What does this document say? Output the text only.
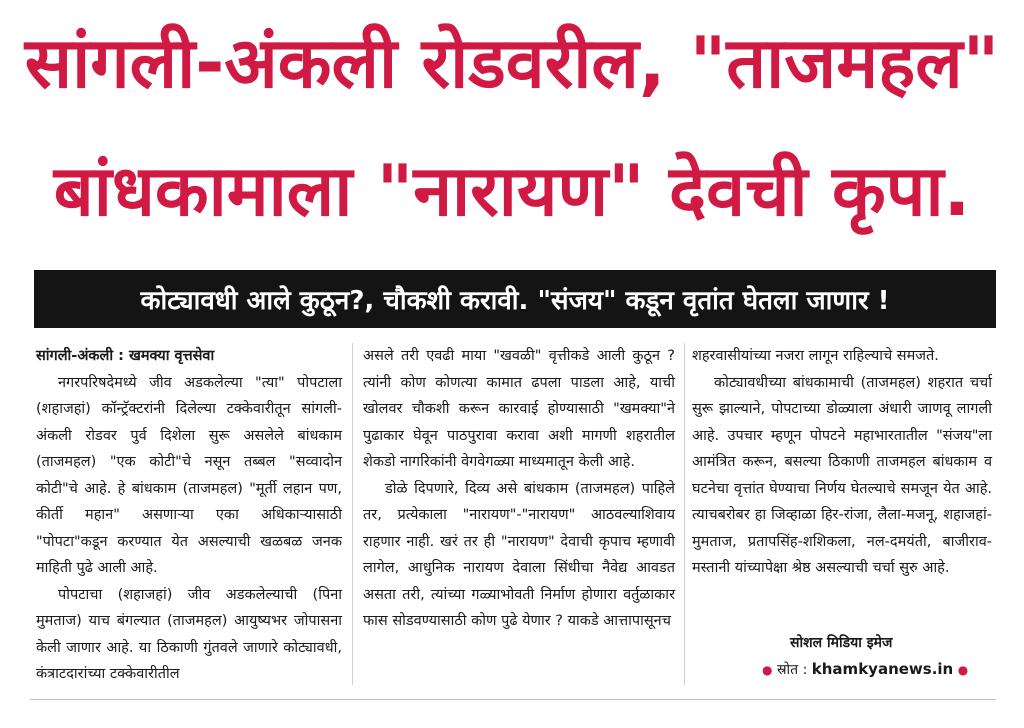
सांगली-अंकली रोडवरील, "ताजमहल"
बांधकामाला "नारायण" देवची कृपा.
कोट्यावधी आले कुठून?, चौकशी करावी. "संजय" कडून वृतांत घेतला जाणार !

सांगली-अंकली : खमक्या वृत्तसेवा

नगरपरिषदेमध्ये जीव अडकलेल्या "त्या" पोपटाला (शहाजहां) कॉन्ट्रॅक्टरांनी दिलेल्या टक्केवारीतून सांगली-अंकली रोडवर पुर्व दिशेला सुरू असलेले बांधकाम (ताजमहल) "एक कोटी"चे नसून तब्बल "सव्वादोन कोटी"चे आहे. हे बांधकाम (ताजमहल) "मूर्ती लहान पण, कीर्ती महान" असणाऱ्या एका अधिकाऱ्यासाठी "पोपटा"कडून करण्यात येत असल्याची खळबळ जनक माहिती पुढे आली आहे.

पोपटाचा (शहाजहां) जीव अडकलेल्याची (पिना मुमताज) याच बंगल्यात (ताजमहल) आयुष्यभर जोपासना केली जाणार आहे. या ठिकाणी गुंतवले जाणारे कोट्यावधी, कंत्राटदारांच्या टक्केवारीतील

असले तरी एवढी माया "खवळी" वृत्तीकडे आली कुठून ? त्यांनी कोण कोणत्या कामात ढपला पाडला आहे, याची खोलवर चौकशी करून कारवाई होण्यासाठी "खमक्या"ने पुढाकार घेवून पाठपुरावा करावा अशी मागणी शहरातील शेकडो नागरिकांनी वेगवेगळ्या माध्यमातून केली आहे.

डोळे दिपणारे, दिव्य असे बांधकाम (ताजमहल) पाहिले तर, प्रत्येकाला "नारायण"-"नारायण" आठवल्याशिवाय राहणार नाही. खरं तर ही "नारायण" देवाची कृपाच म्हणावी लागेल, आधुनिक नारायण देवाला सिंधीचा नैवेद्य आवडत असता तरी, त्यांच्या गळ्याभोवती निर्माण होणारा वर्तुळाकार फास सोडवण्यासाठी कोण पुढे येणार ? याकडे आत्तापासूनच

शहरवासीयांच्या नजरा लागून राहिल्याचे समजते.

कोट्यावधीच्या बांधकामाची (ताजमहल) शहरात चर्चा सुरू झाल्याने, पोपटाच्या डोळ्याला अंधारी जाणवू लागली आहे. उपचार म्हणून पोपटने महाभारतातील "संजय"ला आमंत्रित करून, बसल्या ठिकाणी ताजमहल बांधकाम व घटनेचा वृत्तांत घेण्याचा निर्णय घेतल्याचे समजून येत आहे. त्याचबरोबर हा जिव्हाळा हिर-रांजा, लैला-मजनू, शहाजहां-मुमताज, प्रतापसिंह-शशिकला, नल-दमयंती, बाजीराव-मस्तानी यांच्यापेक्षा श्रेष्ठ असल्याची चर्चा सुरु आहे.

सोशल मिडिया इमेज
● स्रोत : khamkyanews.in ●
